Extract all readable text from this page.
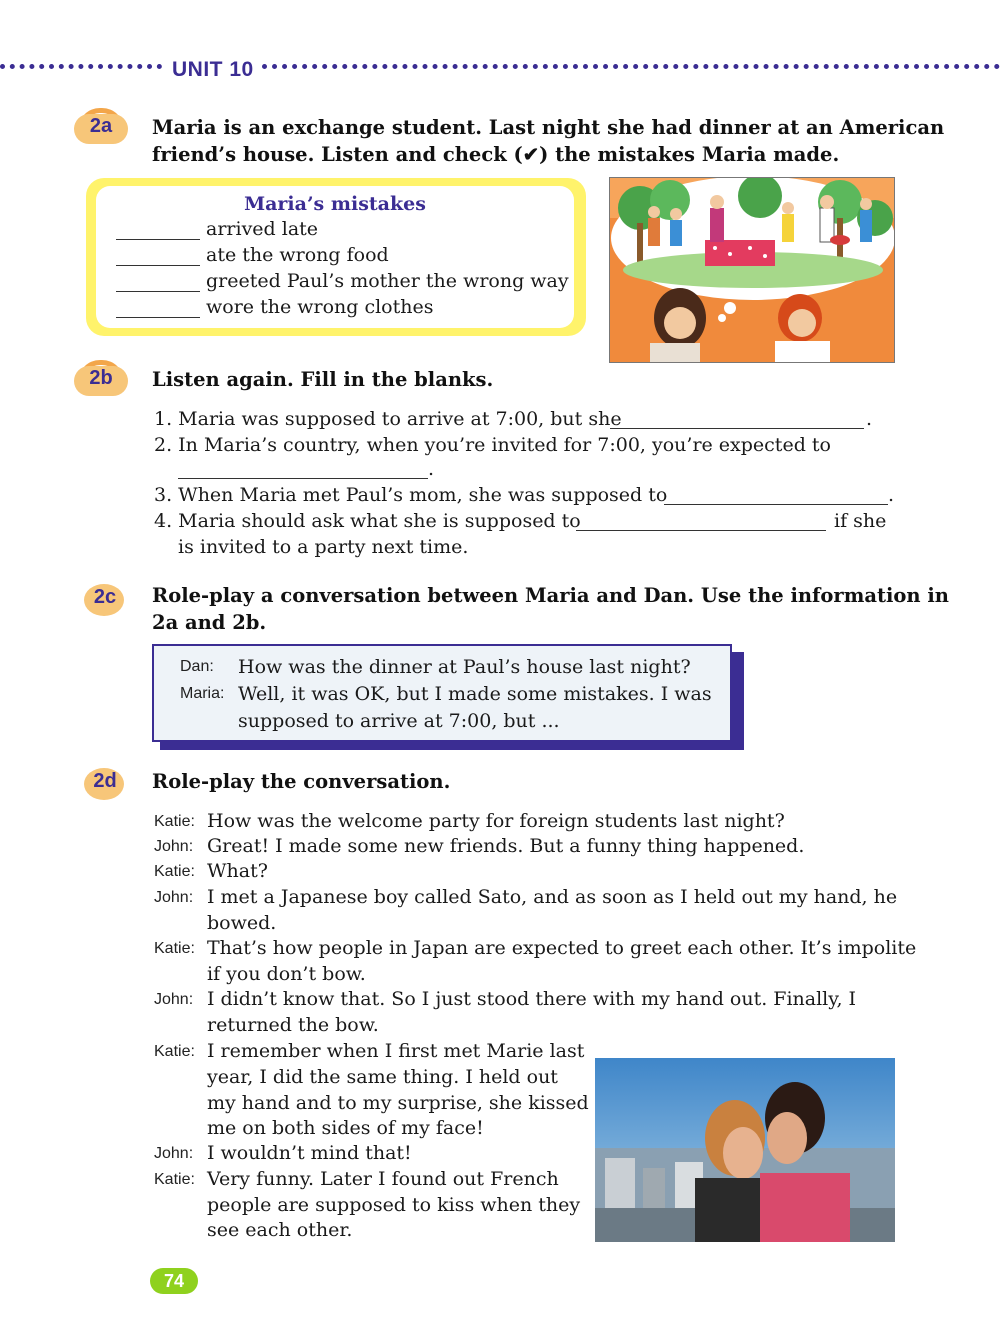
UNIT 10
2a	Maria is an exchange student. Last night she had dinner at an American
friend’s house. Listen and check (✔) the mistakes Maria made.
Maria’s mistakes
arrived late
ate the wrong food
greeted Paul’s mother the wrong way
wore the wrong clothes
2b	Listen again. Fill in the blanks.
1. Maria was supposed to arrive at 7:00, but she	.
2. In Maria’s country, when you’re invited for 7:00, you’re expected to
.
3. When Maria met Paul’s mom, she was supposed to	.
4. Maria should ask what she is supposed to	if she
is invited to a party next time.
2c	Role-play a conversation between Maria and Dan. Use the information in
2a and 2b.
Dan: How was the dinner at Paul’s house last night?
Maria: Well, it was OK, but I made some mistakes. I was
supposed to arrive at 7:00, but ...
2d	Role-play the conversation.
Katie: How was the welcome party for foreign students last night?
John: Great! I made some new friends. But a funny thing happened.
Katie: What?
John: I met a Japanese boy called Sato, and as soon as I held out my hand, he
bowed.
Katie: That’s how people in Japan are expected to greet each other. It’s impolite
if you don’t bow.
John: I didn’t know that. So I just stood there with my hand out. Finally, I
returned the bow.
Katie: I remember when I first met Marie last
year, I did the same thing. I held out
my hand and to my surprise, she kissed
me on both sides of my face!
John: I wouldn’t mind that!
Katie: Very funny. Later I found out French
people are supposed to kiss when they
see each other.
74
